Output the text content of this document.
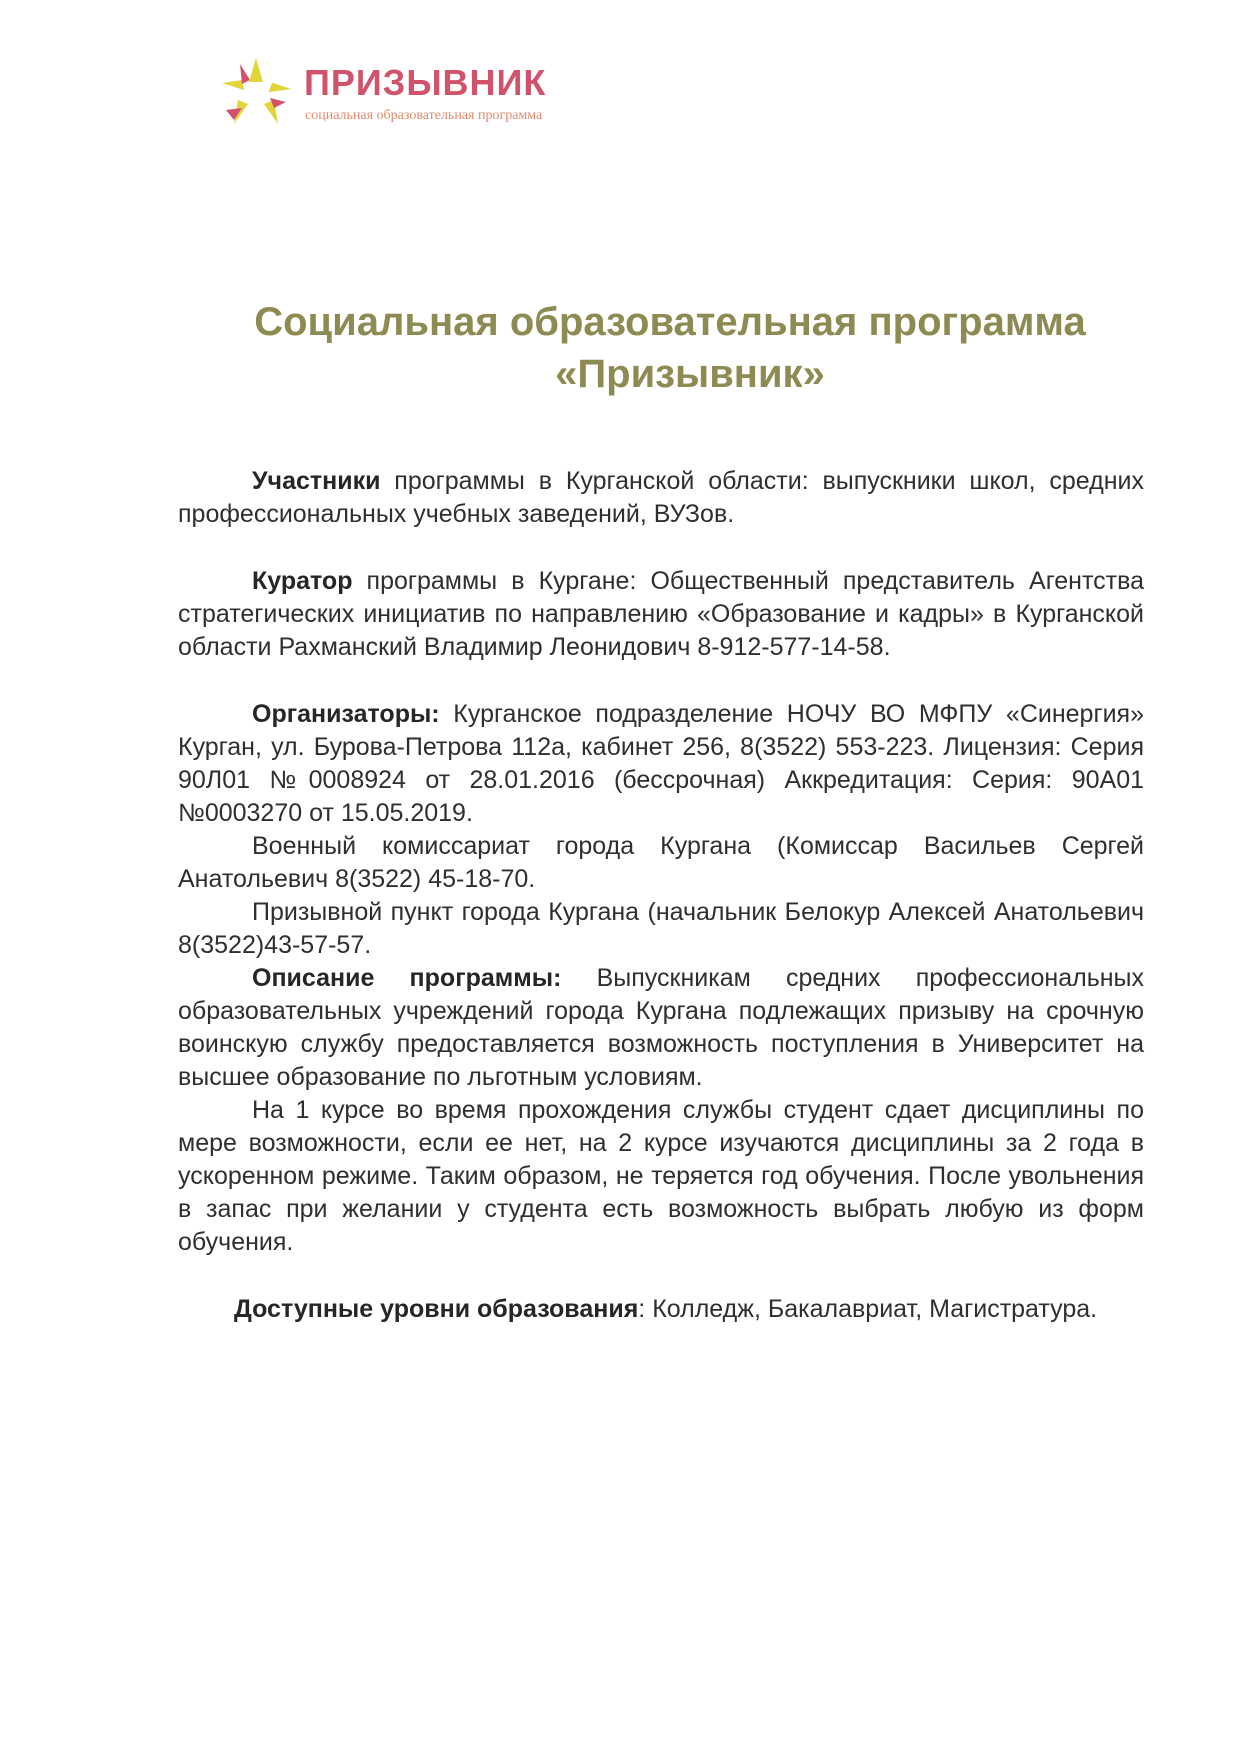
ПРИЗЫВНИК
социальная образовательная программа
Социальная образовательная программа
«Призывник»

Участники программы в Курганской области: выпускники школ, средних профессиональных учебных заведений, ВУЗов.

Куратор программы в Кургане: Общественный представитель Агентства стратегических инициатив по направлению «Образование и кадры» в Курганской области Рахманский Владимир Леонидович 8-912-577-14-58.

Организаторы: Курганское подразделение НОЧУ ВО МФПУ «Синергия» Курган, ул. Бурова-Петрова 112а, кабинет 256, 8(3522) 553-223. Лицензия: Серия 90Л01 №0008924 от 28.01.2016 (бессрочная) Аккредитация: Серия: 90А01 №0003270 от 15.05.2019.

Военный комиссариат города Кургана (Комиссар Васильев Сергей Анатольевич 8(3522) 45-18-70.

Призывной пункт города Кургана (начальник Белокур Алексей Анатольевич 8(3522)43-57-57.

Описание программы: Выпускникам средних профессиональных образовательных учреждений города Кургана подлежащих призыву на срочную воинскую службу предоставляется возможность поступления в Университет на высшее образование по льготным условиям.

На 1 курсе во время прохождения службы студент сдает дисциплины по мере возможности, если ее нет, на 2 курсе изучаются дисциплины за 2 года в ускоренном режиме. Таким образом, не теряется год обучения. После увольнения в запас при желании у студента есть возможность выбрать любую из форм обучения.

Доступные уровни образования: Колледж, Бакалавриат, Магистратура.
